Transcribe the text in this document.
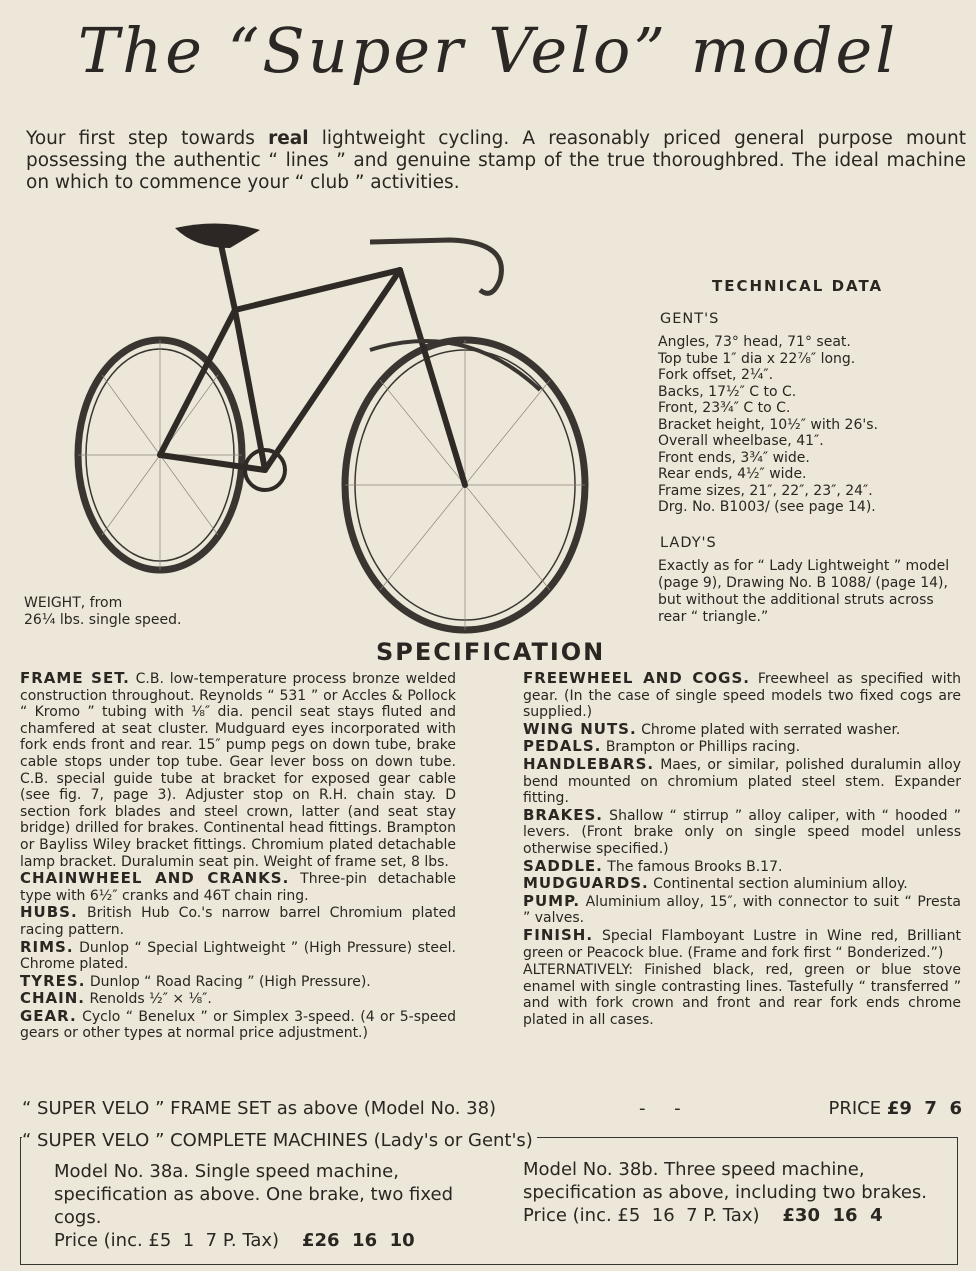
The “Super Velo” model
Your first step towards real lightweight cycling. A reasonably priced general purpose mount possessing the authentic “ lines ” and genuine stamp of the true thoroughbred. The ideal machine on which to commence your “ club ” activities.
TECHNICAL DATA
GENT'S
Angles, 73° head, 71° seat.
Top tube 1″ dia x 22⅞″ long.
Fork offset, 2¼″.
Backs, 17½″ C to C.
Front, 23¾″ C to C.
Bracket height, 10½″ with 26's.
Overall wheelbase, 41″.
Front ends, 3¾″ wide.
Rear ends, 4½″ wide.
Frame sizes, 21″, 22″, 23″, 24″.
Drg. No. B1003/ (see page 14).
LADY'S
Exactly as for “ Lady Lightweight ” model (page 9), Drawing No. B 1088/ (page 14), but without the additional struts across rear “ triangle.”
WEIGHT, from
26¼ lbs. single speed.
SPECIFICATION

FRAME SET. C.B. low-temperature process bronze welded construction throughout. Reynolds “ 531 ” or Accles & Pollock “ Kromo ” tubing with ⅛″ dia. pencil seat stays fluted and chamfered at seat cluster. Mudguard eyes incorporated with fork ends front and rear. 15″ pump pegs on down tube, brake cable stops under top tube. Gear lever boss on down tube. C.B. special guide tube at bracket for exposed gear cable (see fig. 7, page 3). Adjuster stop on R.H. chain stay. D section fork blades and steel crown, latter (and seat stay bridge) drilled for brakes. Continental head fittings. Brampton or Bayliss Wiley bracket fittings. Chromium plated detachable lamp bracket. Duralumin seat pin. Weight of frame set, 8 lbs.

CHAINWHEEL AND CRANKS. Three-pin detachable type with 6½″ cranks and 46T chain ring.

HUBS. British Hub Co.'s narrow barrel Chromium plated racing pattern.

RIMS. Dunlop “ Special Lightweight ” (High Pressure) steel. Chrome plated.

TYRES. Dunlop “ Road Racing ” (High Pressure).

CHAIN. Renolds ½″ × ⅛″.

GEAR. Cyclo “ Benelux ” or Simplex 3-speed. (4 or 5-speed gears or other types at normal price adjustment.)

FREEWHEEL AND COGS. Freewheel as specified with gear. (In the case of single speed models two fixed cogs are supplied.)

WING NUTS. Chrome plated with serrated washer.

PEDALS. Brampton or Phillips racing.

HANDLEBARS. Maes, or similar, polished duralumin alloy bend mounted on chromium plated steel stem. Expander fitting.

BRAKES. Shallow “ stirrup ” alloy caliper, with “ hooded ” levers. (Front brake only on single speed model unless otherwise specified.)

SADDLE. The famous Brooks B.17.

MUDGUARDS. Continental section aluminium alloy.

PUMP. Aluminium alloy, 15″, with connector to suit “ Presta ” valves.

FINISH. Special Flamboyant Lustre in Wine red, Brilliant green or Peacock blue. (Frame and fork first “ Bonderized.”)

ALTERNATIVELY: Finished black, red, green or blue stove enamel with single contrasting lines. Tastefully “ transferred ” and with fork crown and front and rear fork ends chrome plated in all cases.

“ SUPER VELO ” FRAME SET as above (Model No. 38)	-     -	PRICE £9  7  6
“ SUPER VELO ” COMPLETE MACHINES (Lady's or Gent's)
Model No. 38a. Single speed machine, specification as above. One brake, two fixed cogs.
Price (inc. £5  1  7 P. Tax) £26  16  10
Model No. 38b. Three speed machine, specification as above, including two brakes.
Price (inc. £5  16  7 P. Tax) £30  16  4
